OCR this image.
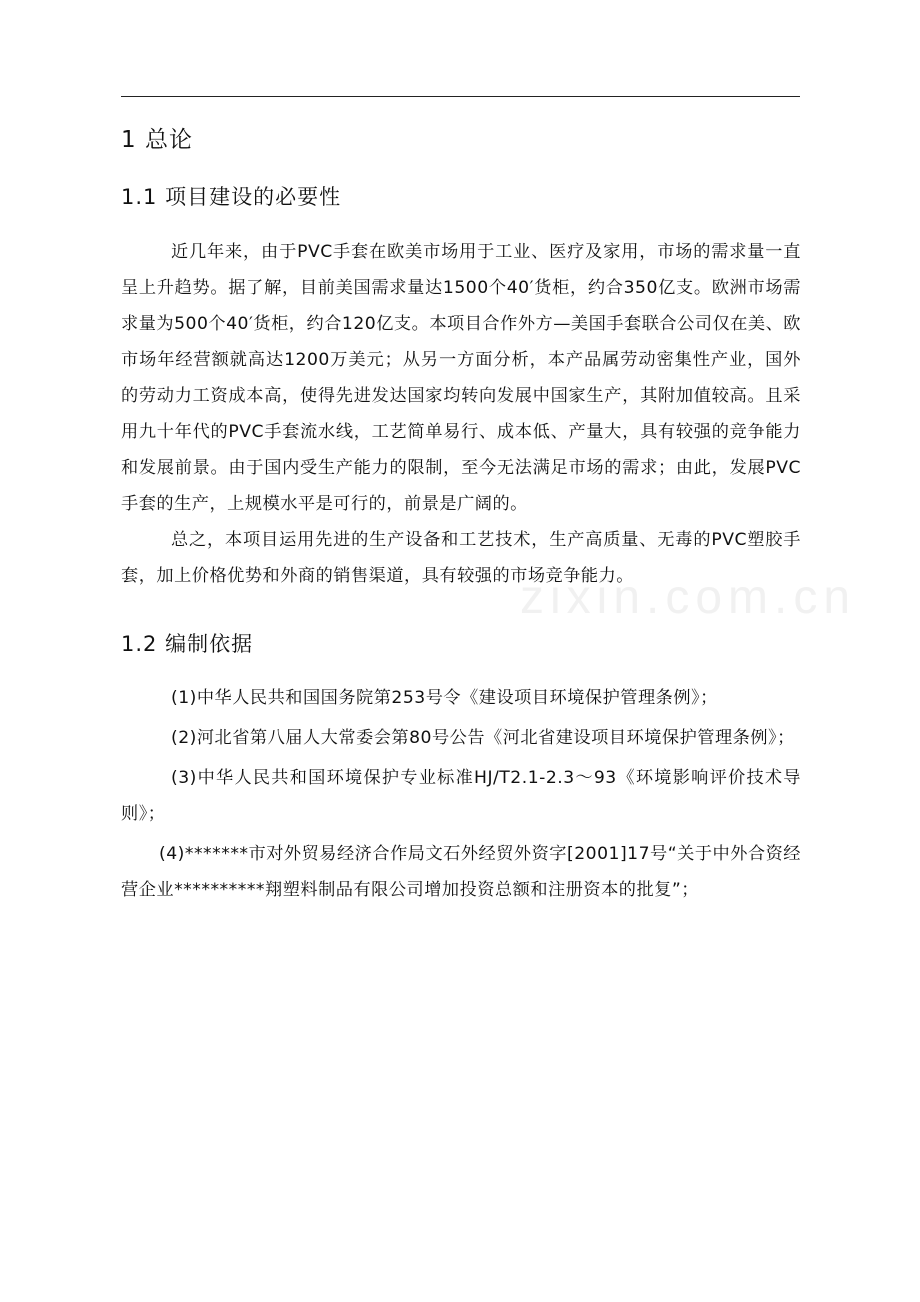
zixin.com.cn
1 总论
1.1 项目建设的必要性

近几年来，由于PVC手套在欧美市场用于工业、医疗及家用，市场的需求量一直呈上升趋势。据了解，目前美国需求量达1500个40′货柜，约合350亿支。欧洲市场需求量为500个40′货柜，约合120亿支。本项目合作外方—美国手套联合公司仅在美、欧市场年经营额就高达1200万美元；从另一方面分析，本产品属劳动密集性产业，国外的劳动力工资成本高，使得先进发达国家均转向发展中国家生产，其附加值较高。且采用九十年代的PVC手套流水线，工艺简单易行、成本低、产量大，具有较强的竞争能力和发展前景。由于国内受生产能力的限制，至今无法满足市场的需求；由此，发展PVC手套的生产，上规模水平是可行的，前景是广阔的。

总之，本项目运用先进的生产设备和工艺技术，生产高质量、无毒的PVC塑胶手套，加上价格优势和外商的销售渠道，具有较强的市场竞争能力。

1.2 编制依据

(1)中华人民共和国国务院第253号令《建设项目环境保护管理条例》；

(2)河北省第八届人大常委会第80号公告《河北省建设项目环境保护管理条例》；

(3)中华人民共和国环境保护专业标准HJ/T2.1-2.3～93《环境影响评价技术导则》；

(4)*******市对外贸易经济合作局文石外经贸外资字[2001]17号“关于中外合资经营企业**********翔塑料制品有限公司增加投资总额和注册资本的批复”；
